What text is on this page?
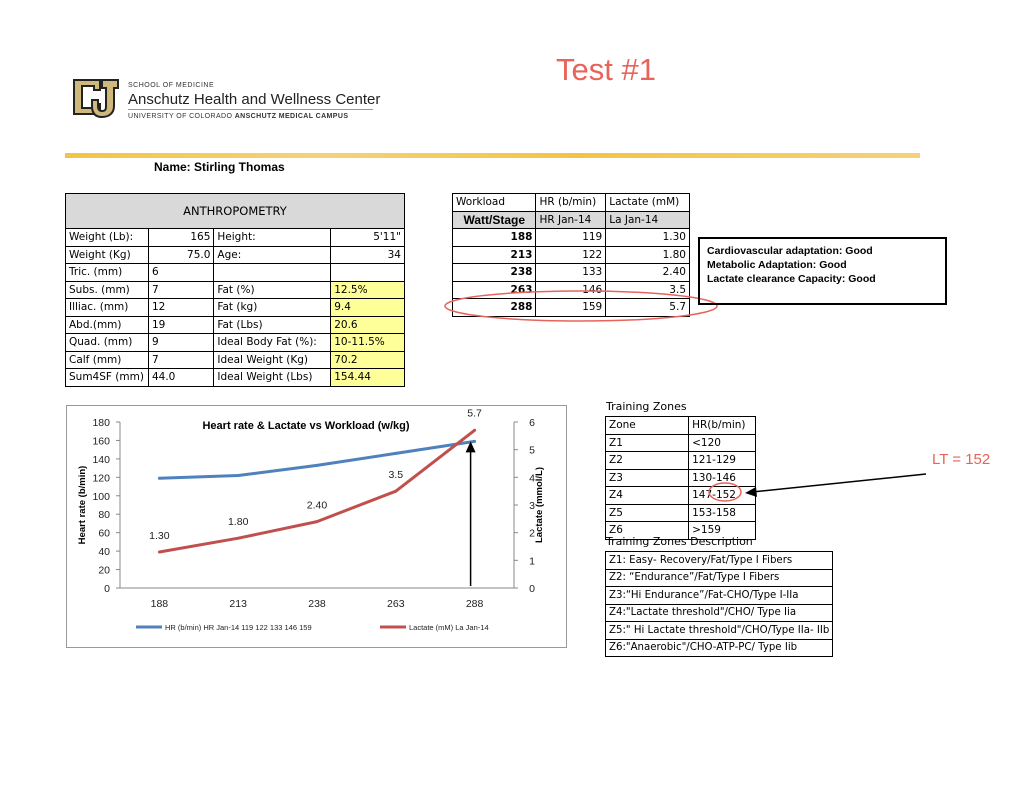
Test #1
SCHOOL OF MEDICINE
Anschutz Health and Wellness Center
UNIVERSITY OF COLORADO ANSCHUTZ MEDICAL CAMPUS
Name: Stirling Thomas
ANTHROPOMETRY			
Weight (Lb):	165	Height:	5'11"
Weight (Kg)	75.0	Age:	34
Tric. (mm)	6		
Subs. (mm)	7	Fat (%)	12.5%
Illiac. (mm)	12	Fat (kg)	9.4
Abd.(mm)	19	Fat (Lbs)	20.6
Quad. (mm)	9	Ideal Body Fat (%):	10-11.5%
Calf (mm)	7	Ideal Weight (Kg)	70.2
Sum4SF (mm)	44.0	Ideal Weight (Lbs)	154.44
Workload	HR (b/min)	Lactate (mM)
Watt/Stage	HR Jan-14	La Jan-14
188	119	1.30
213	122	1.80
238	133	2.40
263	146	3.5
288	159	5.7
Cardiovascular adaptation: Good
Metabolic Adaptation: Good
Lactate clearance Capacity: Good
0
20
40
60
80
100
120
140
160
180
0
1
2
3
4
5
6
188	213	238	263	288
Heart rate & Lactate vs Workload (w/kg)
Heart rate (b/min)	Lactate (mmol/L)
1.30
1.80
2.40
3.5
5.7
HR (b/min) HR Jan-14 119 122 133 146 159	Lactate (mM) La Jan-14
Training Zones
Zone	HR(b/min)
Z1	<120
Z2	121-129
Z3	130-146
Z4	147-152
Z5	153-158
Z6	>159
Training Zones Description
Z1: Easy- Recovery/Fat/Type I Fibers
Z2: “Endurance”/Fat/Type I Fibers
Z3:“Hi Endurance”/Fat-CHO/Type I-IIa
Z4:"Lactate threshold"/CHO/ Type Iia
Z5:" Hi Lactate threshold"/CHO/Type IIa- IIb
Z6:"Anaerobic"/CHO-ATP-PC/ Type Iib
LT = 152
